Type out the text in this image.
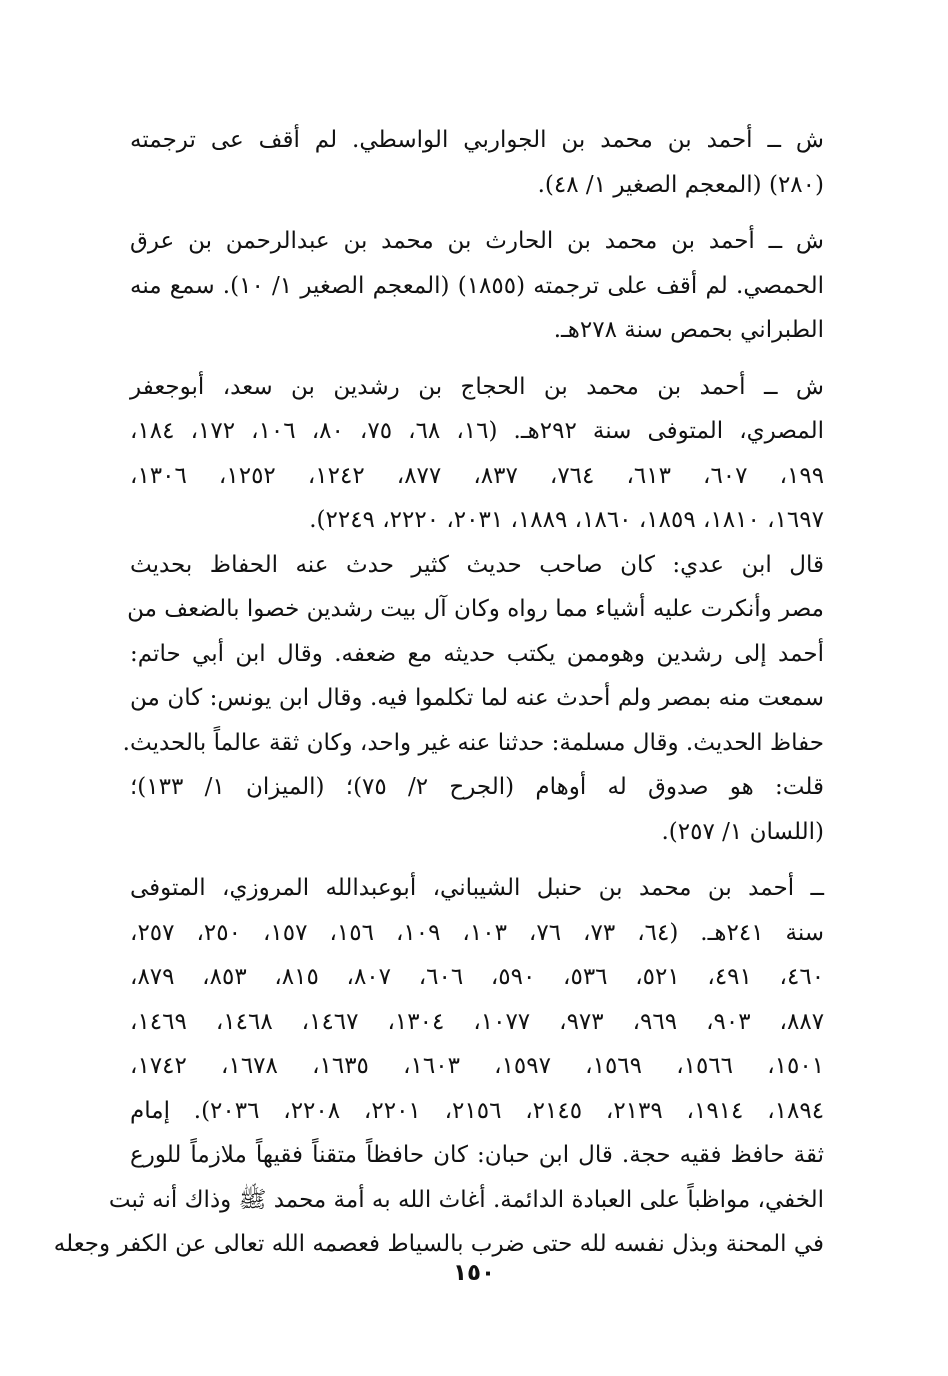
ش ــ أحمد بن محمد بن الجواربي الواسطي. لم أقف عى ترجمته
(٢٨٠) (المعجم الصغير ١/ ٤٨).
ش ــ أحمد بن محمد بن الحارث بن محمد بن عبدالرحمن بن عرق
الحمصي. لم أقف على ترجمته (١٨٥٥) (المعجم الصغير ١/ ١٠). سمع منه
الطبراني بحمص سنة ٢٧٨هـ.
ش ــ أحمد بن محمد بن الحجاج بن رشدين بن سعد، أبوجعفر
المصري، المتوفى سنة ٢٩٢هـ. (١٦، ٦٨، ٧٥، ٨٠، ١٠٦، ١٧٢، ١٨٤،
١٩٩، ٦٠٧، ٦١٣، ٧٦٤، ٨٣٧، ٨٧٧، ١٢٤٢، ١٢٥٢، ١٣٠٦،
١٦٩٧، ١٨١٠، ١٨٥٩، ١٨٦٠، ١٨٨٩، ٢٠٣١، ٢٢٢٠، ٢٢٤٩).
قال ابن عدي: كان صاحب حديث كثير حدث عنه الحفاظ بحديث
مصر وأنكرت عليه أشياء مما رواه وكان آل بيت رشدين خصوا بالضعف من
أحمد إلى رشدين وهوممن يكتب حديثه مع ضعفه. وقال ابن أبي حاتم:
سمعت منه بمصر ولم أحدث عنه لما تكلموا فيه. وقال ابن يونس: كان من
حفاظ الحديث. وقال مسلمة: حدثنا عنه غير واحد، وكان ثقة عالماً بالحديث.
قلت: هو صدوق له أوهام (الجرح ٢/ ٧٥)؛ (الميزان ١/ ١٣٣)؛
(اللسان ١/ ٢٥٧).
ــ أحمد بن محمد بن حنبل الشيباني، أبوعبدالله المروزي، المتوفى
سنة ٢٤١هـ. (٦٤، ٧٣، ٧٦، ١٠٣، ١٠٩، ١٥٦، ١٥٧، ٢٥٠، ٢٥٧،
٤٦٠، ٤٩١، ٥٢١، ٥٣٦، ٥٩٠، ٦٠٦، ٨٠٧، ٨١٥، ٨٥٣، ٨٧٩،
٨٨٧، ٩٠٣، ٩٦٩، ٩٧٣، ١٠٧٧، ١٣٠٤، ١٤٦٧، ١٤٦٨، ١٤٦٩،
١٥٠١، ١٥٦٦، ١٥٦٩، ١٥٩٧، ١٦٠٣، ١٦٣٥، ١٦٧٨، ١٧٤٢،
١٨٩٤، ١٩١٤، ٢١٣٩، ٢١٤٥، ٢١٥٦، ٢٢٠١، ٢٢٠٨، ٢٠٣٦). إمام
ثقة حافظ فقيه حجة. قال ابن حبان: كان حافظاً متقناً فقيهاً ملازماً للورع
الخفي، مواظباً على العبادة الدائمة. أغاث الله به أمة محمد ﷺ وذاك أنه ثبت
في المحنة وبذل نفسه لله حتى ضرب بالسياط فعصمه الله تعالى عن الكفر وجعله
١٥٠
